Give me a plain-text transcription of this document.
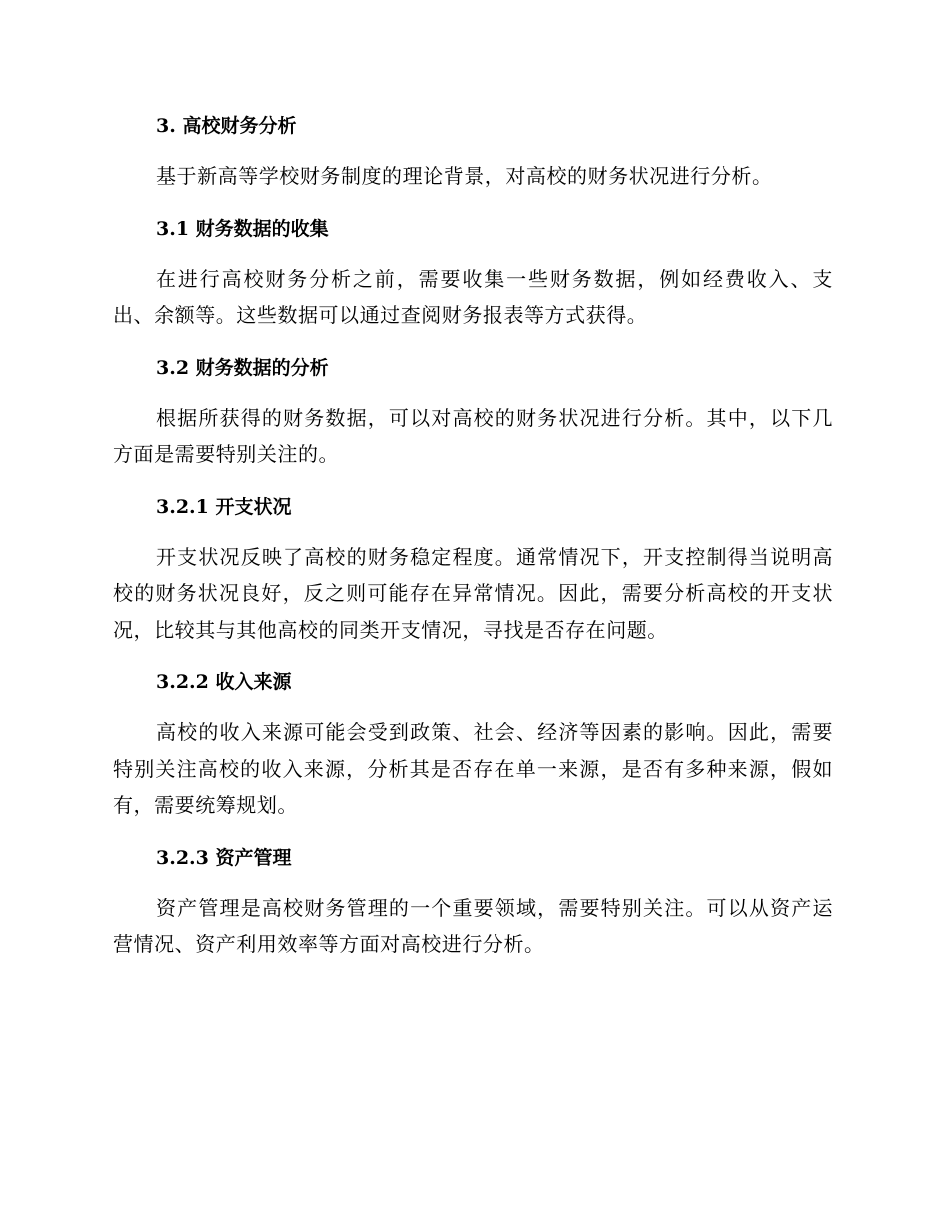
3. 高校财务分析

基于新高等学校财务制度的理论背景，对高校的财务状况进行分析。

3.1 财务数据的收集

在进行高校财务分析之前，需要收集一些财务数据，例如经费收入、支出、余额等。这些数据可以通过查阅财务报表等方式获得。

3.2 财务数据的分析

根据所获得的财务数据，可以对高校的财务状况进行分析。其中，以下几方面是需要特别关注的。

3.2.1 开支状况

开支状况反映了高校的财务稳定程度。通常情况下，开支控制得当说明高校的财务状况良好，反之则可能存在异常情况。因此，需要分析高校的开支状况，比较其与其他高校的同类开支情况，寻找是否存在问题。

3.2.2 收入来源

高校的收入来源可能会受到政策、社会、经济等因素的影响。因此，需要特别关注高校的收入来源，分析其是否存在单一来源，是否有多种来源，假如有，需要统筹规划。

3.2.3 资产管理

资产管理是高校财务管理的一个重要领域，需要特别关注。可以从资产运营情况、资产利用效率等方面对高校进行分析。
